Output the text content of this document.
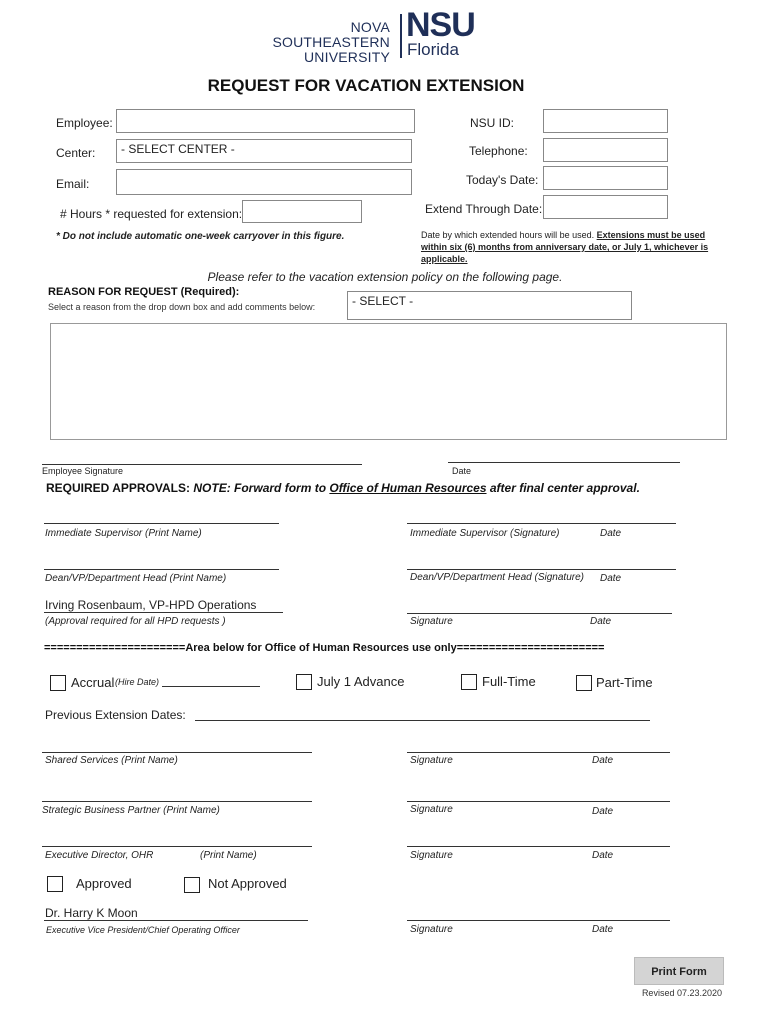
NOVA SOUTHEASTERN
UNIVERSITY
NSU
Florida
REQUEST FOR VACATION EXTENSION
Employee:	NSU ID:
Center:	- SELECT CENTER -	Telephone:
Email:	Today's Date:
# Hours * requested for extension:	Extend Through Date:
* Do not include automatic one-week carryover in this figure.	Date by which extended hours will be used. Extensions must be used within six (6) months from anniversary date, or July 1, whichever is applicable.
Please refer to the vacation extension policy on the following page.
REASON FOR REQUEST (Required):
Select a reason from the drop down box and add comments below:	- SELECT -
Employee Signature	Date
REQUIRED APPROVALS: NOTE: Forward form to Office of Human Resources after final center approval.
Immediate Supervisor (Print Name)	Immediate Supervisor (Signature)	Date
Dean/VP/Department Head (Print Name)	Dean/VP/Department Head (Signature) Date
Irving Rosenbaum, VP-HPD Operations
(Approval required for all HPD requests )	Signature	Date
======================Area below for Office of Human Resources use only=======================
Accrual (Hire Date)	July 1 Advance	Full-Time	Part-Time
Previous Extension Dates:
Shared Services (Print Name)	Signature	Date
Strategic Business Partner (Print Name)	Signature	Date
Executive Director, OHR	(Print Name)	Signature	Date
Approved	Not Approved
Dr. Harry K Moon
Executive Vice President/Chief Operating Officer	Signature	Date
Print Form
Revised 07.23.2020
